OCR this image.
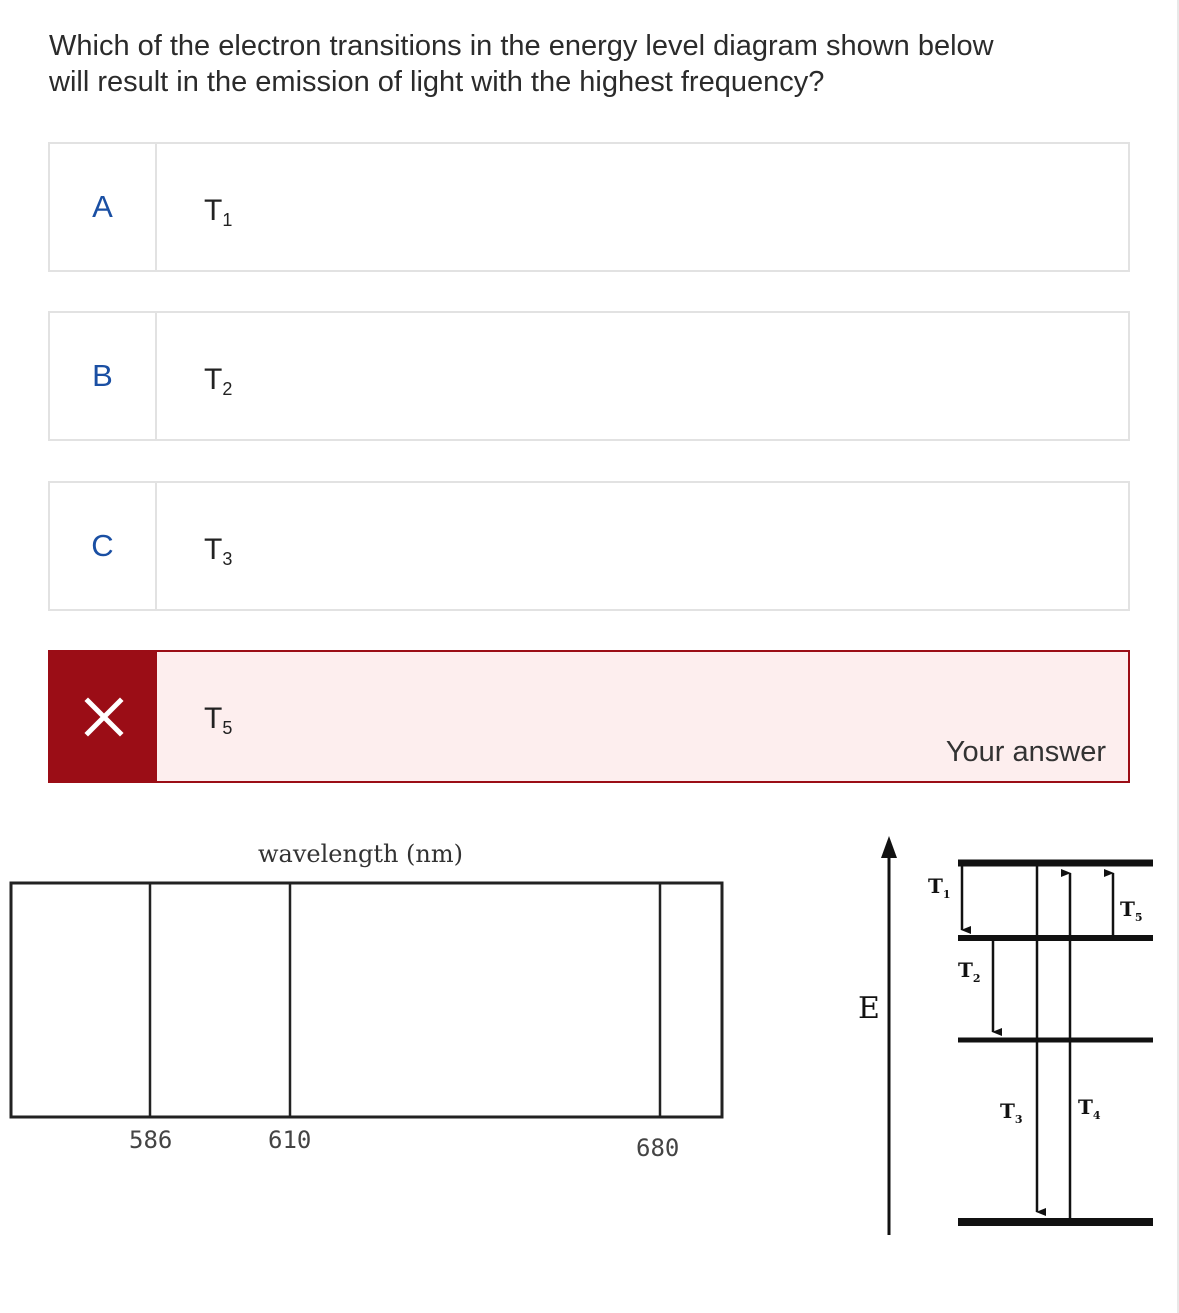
Which of the electron transitions in the energy level diagram shown below
will result in the emission of light with the highest frequency?
A	$T_1$
B	$T_2$
C	$T_3$
$T_5$
Your answer
wavelength (nm)
586	610	680
E
$T_1$
$T_2$
$T_3$
$T_4$
$T_5$
